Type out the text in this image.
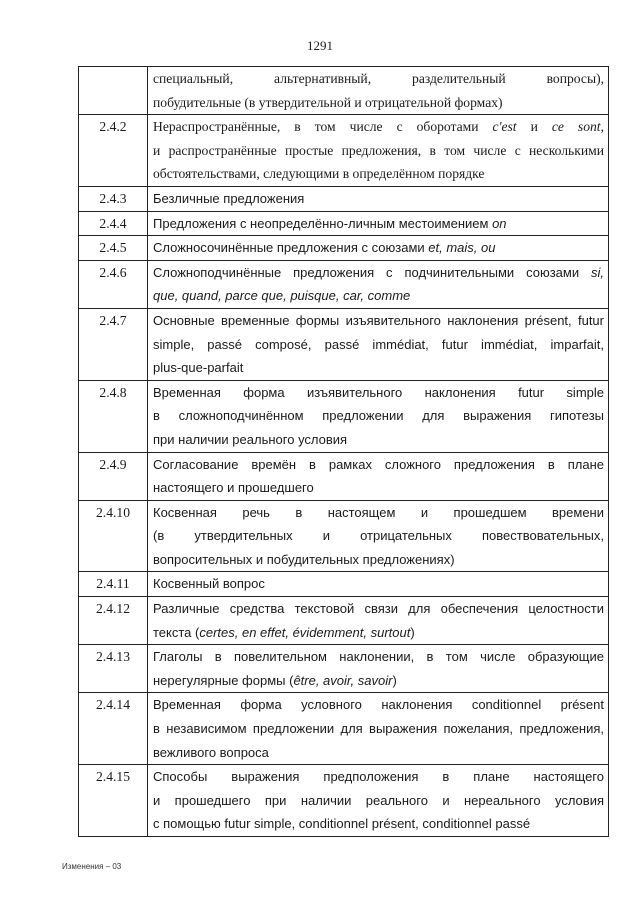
1291

	специальный, альтернативный, разделительный вопросы),
побудительные (в утвердительной и отрицательной формах)

2.4.2	Нераспространённые, в том числе с оборотами c'est и ce sont,
и распространённые простые предложения, в том числе с несколькими
обстоятельствами, следующими в определённом порядке

2.4.3	Безличные предложения

2.4.4	Предложения с неопределённо-личным местоимением on

2.4.5	Сложносочинённые предложения с союзами et, mais, ou

2.4.6	Сложноподчинённые предложения с подчинительными союзами si,
que, quand, parce que, puisque, car, comme

2.4.7	Основные временные формы изъявительного наклонения présent, futur
simple, passé composé, passé immédiat, futur immédiat, imparfait,
plus-que-parfait

2.4.8	Временная форма изъявительного наклонения futur simple
в сложноподчинённом предложении для выражения гипотезы
при наличии реального условия

2.4.9	Согласование времён в рамках сложного предложения в плане
настоящего и прошедшего

2.4.10	Косвенная речь в настоящем и прошедшем времени
(в утвердительных и отрицательных повествовательных,
вопросительных и побудительных предложениях)

2.4.11	Косвенный вопрос

2.4.12	Различные средства текстовой связи для обеспечения целостности
текста (certes, en effet, évidemment, surtout)

2.4.13	Глаголы в повелительном наклонении, в том числе образующие
нерегулярные формы (être, avoir, savoir)

2.4.14	Временная форма условного наклонения conditionnel présent
в независимом предложении для выражения пожелания, предложения,
вежливого вопроса

2.4.15	Способы выражения предположения в плане настоящего
и прошедшего при наличии реального и нереального условия
с помощью futur simple, conditionnel présent, conditionnel passé
Изменения – 03
